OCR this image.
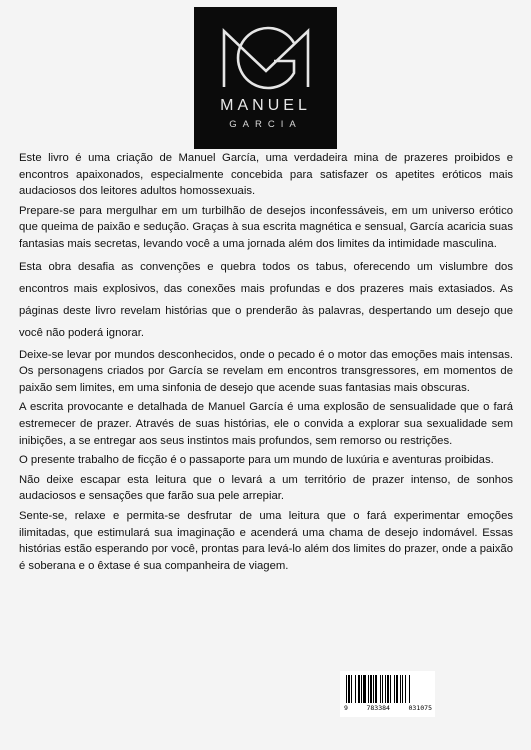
MANUEL
GARCIA

Este livro é uma criação de Manuel García, uma verdadeira mina de prazeres proibidos e encontros apaixonados, especialmente concebida para satisfazer os apetites eróticos mais audaciosos dos leitores adultos homossexuais.

Prepare-se para mergulhar em um turbilhão de desejos inconfessáveis, em um universo erótico que queima de paixão e sedução. Graças à sua escrita magnética e sensual, García acaricia suas fantasias mais secretas, levando você a uma jornada além dos limites da intimidade masculina.

Esta obra desafia as convenções e quebra todos os tabus, oferecendo um vislumbre dos encontros mais explosivos, das conexões mais profundas e dos prazeres mais extasiados. As páginas deste livro revelam histórias que o prenderão às palavras, despertando um desejo que você não poderá ignorar.

Deixe-se levar por mundos desconhecidos, onde o pecado é o motor das emoções mais intensas. Os personagens criados por García se revelam em encontros transgressores, em momentos de paixão sem limites, em uma sinfonia de desejo que acende suas fantasias mais obscuras.

A escrita provocante e detalhada de Manuel García é uma explosão de sensualidade que o fará estremecer de prazer. Através de suas histórias, ele o convida a explorar sua sexualidade sem inibições, a se entregar aos seus instintos mais profundos, sem remorso ou restrições.

O presente trabalho de ficção é o passaporte para um mundo de luxúria e aventuras proibidas.

Não deixe escapar esta leitura que o levará a um território de prazer intenso, de sonhos audaciosos e sensações que farão sua pele arrepiar.

Sente-se, relaxe e permita-se desfrutar de uma leitura que o fará experimentar emoções ilimitadas, que estimulará sua imaginação e acenderá uma chama de desejo indomável. Essas histórias estão esperando por você, prontas para levá-lo além dos limites do prazer, onde a paixão é soberana e o êxtase é sua companheira de viagem.

9	783384	031075
